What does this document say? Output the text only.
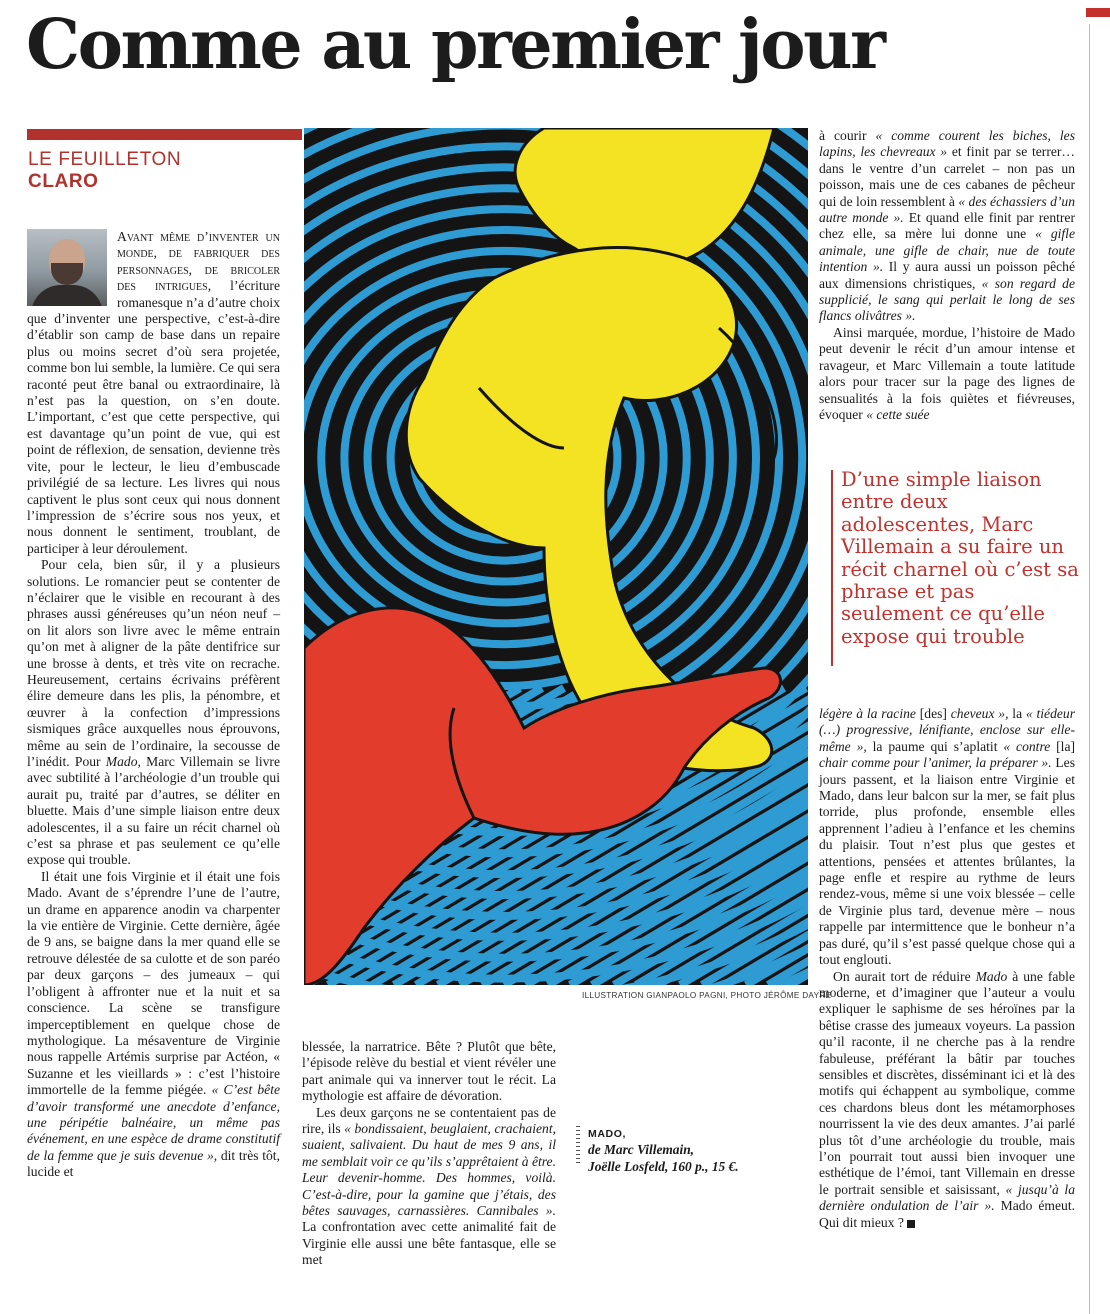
Comme au premier jour

LE FEUILLETON

CLARO

Avant même d’inventer un monde, de fabriquer des personnages, de bricoler des intrigues, l’écriture romanesque n’a d’autre choix que d’inventer une perspective, c’est-à-dire d’établir son camp de base dans un repaire plus ou moins secret d’où sera projetée, comme bon lui semble, la lumière. Ce qui sera raconté peut être banal ou extraordinaire, là n’est pas la question, on s’en doute. L’important, c’est que cette perspective, qui est davantage qu’un point de vue, qui est point de réflexion, de sensation, devienne très vite, pour le lecteur, le lieu d’embuscade privilégié de sa lecture. Les livres qui nous captivent le plus sont ceux qui nous donnent l’impression de s’écrire sous nos yeux, et nous donnent le sentiment, troublant, de participer à leur déroulement.

Pour cela, bien sûr, il y a plusieurs solutions. Le romancier peut se contenter de n’éclairer que le visible en recourant à des phrases aussi généreuses qu’un néon neuf – on lit alors son livre avec le même entrain qu’on met à aligner de la pâte dentifrice sur une brosse à dents, et très vite on recrache. Heureusement, certains écrivains préfèrent élire demeure dans les plis, la pénombre, et œuvrer à la confection d’impressions sismiques grâce auxquelles nous éprouvons, même au sein de l’ordinaire, la secousse de l’inédit. Pour Mado, Marc Villemain se livre avec subtilité à l’archéologie d’un trouble qui aurait pu, traité par d’autres, se déliter en bluette. Mais d’une simple liaison entre deux adolescentes, il a su faire un récit charnel où c’est sa phrase et pas seulement ce qu’elle expose qui trouble.

Il était une fois Virginie et il était une fois Mado. Avant de s’éprendre l’une de l’autre, un drame en apparence anodin va charpenter la vie entière de Virginie. Cette dernière, âgée de 9 ans, se baigne dans la mer quand elle se retrouve délestée de sa culotte et de son paréo par deux garçons – des jumeaux – qui l’obligent à affronter nue et la nuit et sa conscience. La scène se transfigure imperceptiblement en quelque chose de mythologique. La mésaventure de Virginie nous rappelle Artémis surprise par Actéon, « Suzanne et les vieillards » : c’est l’histoire immortelle de la femme piégée. « C’est bête d’avoir transformé une anecdote d’enfance, une péripétie balnéaire, un même pas événement, en une espèce de drame constitutif de la femme que je suis devenue », dit très tôt, lucide et

ILLUSTRATION GIANPAOLO PAGNI, PHOTO JÉRÔME DAYRE

blessée, la narratrice. Bête ? Plutôt que bête, l’épisode relève du bestial et vient révéler une part animale qui va innerver tout le récit. La mythologie est affaire de dévoration.

Les deux garçons ne se contentaient pas de rire, ils « bondissaient, beuglaient, crachaient, suaient, salivaient. Du haut de mes 9 ans, il me semblait voir ce qu’ils s’apprêtaient à être. Leur devenir-homme. Des hommes, voilà. C’est-à-dire, pour la gamine que j’étais, des bêtes sauvages, carnassières. Cannibales ». La confrontation avec cette animalité fait de Virginie elle aussi une bête fantasque, elle se met

MADO,
de Marc Villemain,
Joëlle Losfeld, 160 p., 15 €.

à courir « comme courent les biches, les lapins, les chevreaux » et finit par se terrer… dans le ventre d’un carrelet – non pas un poisson, mais une de ces cabanes de pêcheur qui de loin ressemblent à « des échassiers d’un autre monde ». Et quand elle finit par rentrer chez elle, sa mère lui donne une « gifle animale, une gifle de chair, nue de toute intention ». Il y aura aussi un poisson pêché aux dimensions christiques, « son regard de supplicié, le sang qui perlait le long de ses flancs olivâtres ».

Ainsi marquée, mordue, l’histoire de Mado peut devenir le récit d’un amour intense et ravageur, et Marc Villemain a toute latitude alors pour tracer sur la page des lignes de sensualités à la fois quiètes et fiévreuses, évoquer « cette suée

D’une simple liaison entre deux adolescentes, Marc Villemain a su faire un récit charnel où c’est sa phrase et pas seulement ce qu’elle expose qui trouble

légère à la racine [des] cheveux », la « tiédeur (…) progressive, lénifiante, enclose sur elle-même », la paume qui s’aplatit « contre [la] chair comme pour l’animer, la préparer ». Les jours passent, et la liaison entre Virginie et Mado, dans leur balcon sur la mer, se fait plus torride, plus profonde, ensemble elles apprennent l’adieu à l’enfance et les chemins du plaisir. Tout n’est plus que gestes et attentions, pensées et attentes brûlantes, la page enfle et respire au rythme de leurs rendez-vous, même si une voix blessée – celle de Virginie plus tard, devenue mère – nous rappelle par intermittence que le bonheur n’a pas duré, qu’il s’est passé quelque chose qui a tout englouti.

On aurait tort de réduire Mado à une fable moderne, et d’imaginer que l’auteur a voulu expliquer le saphisme de ses héroïnes par la bêtise crasse des jumeaux voyeurs. La passion qu’il raconte, il ne cherche pas à la rendre fabuleuse, préférant la bâtir par touches sensibles et discrètes, disséminant ici et là des motifs qui échappent au symbolique, comme ces chardons bleus dont les métamorphoses nourrissent la vie des deux amantes. J’ai parlé plus tôt d’une archéologie du trouble, mais l’on pourrait tout aussi bien invoquer une esthétique de l’émoi, tant Villemain en dresse le portrait sensible et saisissant, « jusqu’à la dernière ondulation de l’air ». Mado émeut. Qui dit mieux ?
